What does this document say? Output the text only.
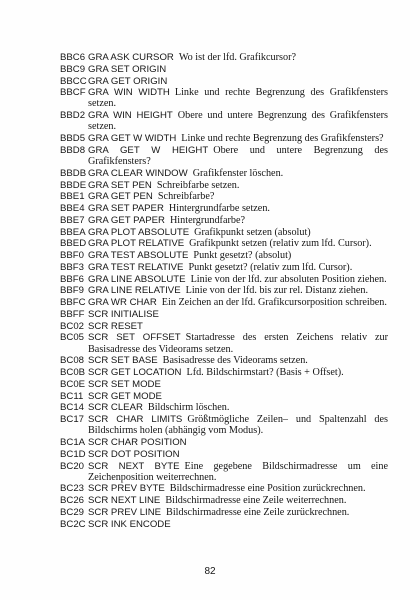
BBC6 GRA ASK CURSOR Wo ist der lfd. Grafikcursor?
BBC9 GRA SET ORIGIN
BBCC GRA GET ORIGIN
BBCF GRA WIN WIDTH Linke und rechte Begrenzung des Grafikfensters setzen.
BBD2 GRA WIN HEIGHT Obere und untere Begrenzung des Grafikfensters setzen.
BBD5 GRA GET W WIDTH Linke und rechte Begrenzung des Grafikfensters?
BBD8 GRA GET W HEIGHT Obere und untere Begrenzung des Grafikfensters?
BBDB GRA CLEAR WINDOW Grafikfenster löschen.
BBDE GRA SET PEN Schreibfarbe setzen.
BBE1 GRA GET PEN Schreibfarbe?
BBE4 GRA SET PAPER Hintergrundfarbe setzen.
BBE7 GRA GET PAPER Hintergrundfarbe?
BBEA GRA PLOT ABSOLUTE Grafikpunkt setzen (absolut)
BBED GRA PLOT RELATIVE Grafikpunkt setzen (relativ zum lfd. Cursor).
BBF0 GRA TEST ABSOLUTE Punkt gesetzt? (absolut)
BBF3 GRA TEST RELATIVE Punkt gesetzt? (relativ zum lfd. Cursor).
BBF6 GRA LINE ABSOLUTE Linie von der lfd. zur absoluten Position ziehen.
BBF9 GRA LINE RELATIVE Linie von der lfd. bis zur rel. Distanz ziehen.
BBFC GRA WR CHAR Ein Zeichen an der lfd. Grafikcursorposition schreiben.
BBFF SCR INITIALISE
BC02 SCR RESET
BC05 SCR SET OFFSET Startadresse des ersten Zeichens relativ zur Basisadresse des Videorams setzen.
BC08 SCR SET BASE Basisadresse des Videorams setzen.
BC0B SCR GET LOCATION Lfd. Bildschirmstart? (Basis + Offset).
BC0E SCR SET MODE
BC11 SCR GET MODE
BC14 SCR CLEAR Bildschirm löschen.
BC17 SCR CHAR LIMITS Größtmögliche Zeilen– und Spaltenzahl des Bildschirms holen (abhängig vom Modus).
BC1A SCR CHAR POSITION
BC1D SCR DOT POSITION
BC20 SCR NEXT BYTE Eine gegebene Bildschirmadresse um eine Zeichenposition weiterrechnen.
BC23 SCR PREV BYTE Bildschirmadresse eine Position zurückrechnen.
BC26 SCR NEXT LINE Bildschirmadresse eine Zeile weiterrechnen.
BC29 SCR PREV LINE Bildschirmadresse eine Zeile zurückrechnen.
BC2C SCR INK ENCODE
82
